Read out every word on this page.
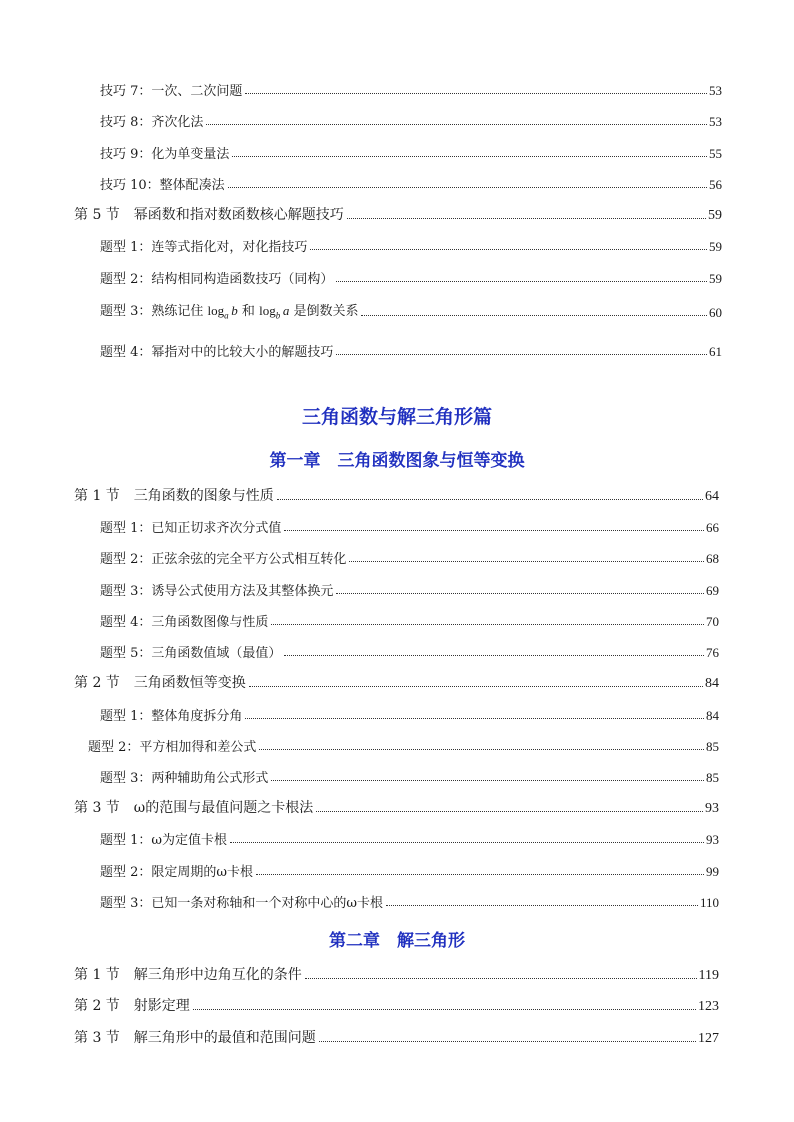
技巧 7：一次、二次问题	53
技巧 8：齐次化法	53
技巧 9：化为单变量法	55
技巧 10：整体配凑法	56
第 5 节　幂函数和指对数函数核心解题技巧	59
题型 1：连等式指化对，对化指技巧	59
题型 2：结构相同构造函数技巧（同构）	59
题型 3：熟练记住 $\log_a b$ 和 $\log_b a$ 是倒数关系	60
题型 4：幂指对中的比较大小的解题技巧	61
三角函数与解三角形篇
第一章　三角函数图象与恒等变换
第 1 节　三角函数的图象与性质	64
题型 1：已知正切求齐次分式值	66
题型 2：正弦余弦的完全平方公式相互转化	68
题型 3：诱导公式使用方法及其整体换元	69
题型 4：三角函数图像与性质	70
题型 5：三角函数值域（最值）	76
第 2 节　三角函数恒等变换	84
题型 1：整体角度拆分角	84
题型 2：平方相加得和差公式	85
题型 3：两种辅助角公式形式	85
第 3 节　ω的范围与最值问题之卡根法	93
题型 1：ω为定值卡根	93
题型 2：限定周期的ω卡根	99
题型 3：已知一条对称轴和一个对称中心的ω卡根	110
第二章　解三角形
第 1 节　解三角形中边角互化的条件	119
第 2 节　射影定理	123
第 3 节　解三角形中的最值和范围问题	127
